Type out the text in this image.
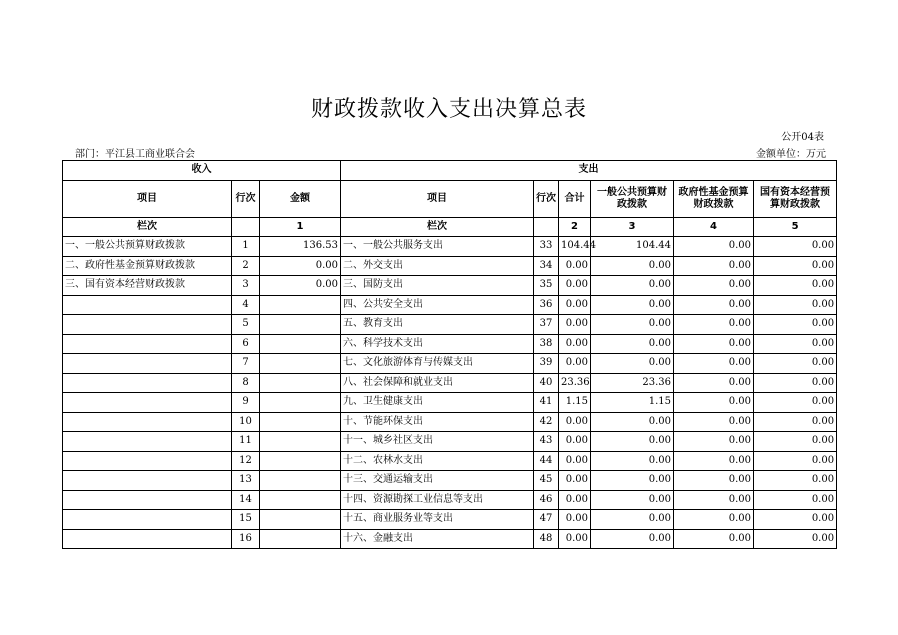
财政拨款收入支出决算总表
公开04表
部门：平江县工商业联合会	金额单位：万元
收入			支出					
项目	行次	金额	项目	行次	合计	一般公共预算财政拨款	政府性基金预算财政拨款	国有资本经营预算财政拨款
栏次		1	栏次		2	3	4	5
一、一般公共预算财政拨款	1	136.53	一、一般公共服务支出	33	104.44	104.44	0.00	0.00
二、政府性基金预算财政拨款	2	0.00	二、外交支出	34	0.00	0.00	0.00	0.00
三、国有资本经营财政拨款	3	0.00	三、国防支出	35	0.00	0.00	0.00	0.00
	4		四、公共安全支出	36	0.00	0.00	0.00	0.00
	5		五、教育支出	37	0.00	0.00	0.00	0.00
	6		六、科学技术支出	38	0.00	0.00	0.00	0.00
	7		七、文化旅游体育与传媒支出	39	0.00	0.00	0.00	0.00
	8		八、社会保障和就业支出	40	23.36	23.36	0.00	0.00
	9		九、卫生健康支出	41	1.15	1.15	0.00	0.00
	10		十、节能环保支出	42	0.00	0.00	0.00	0.00
	11		十一、城乡社区支出	43	0.00	0.00	0.00	0.00
	12		十二、农林水支出	44	0.00	0.00	0.00	0.00
	13		十三、交通运输支出	45	0.00	0.00	0.00	0.00
	14		十四、资源勘探工业信息等支出	46	0.00	0.00	0.00	0.00
	15		十五、商业服务业等支出	47	0.00	0.00	0.00	0.00
	16		十六、金融支出	48	0.00	0.00	0.00	0.00
